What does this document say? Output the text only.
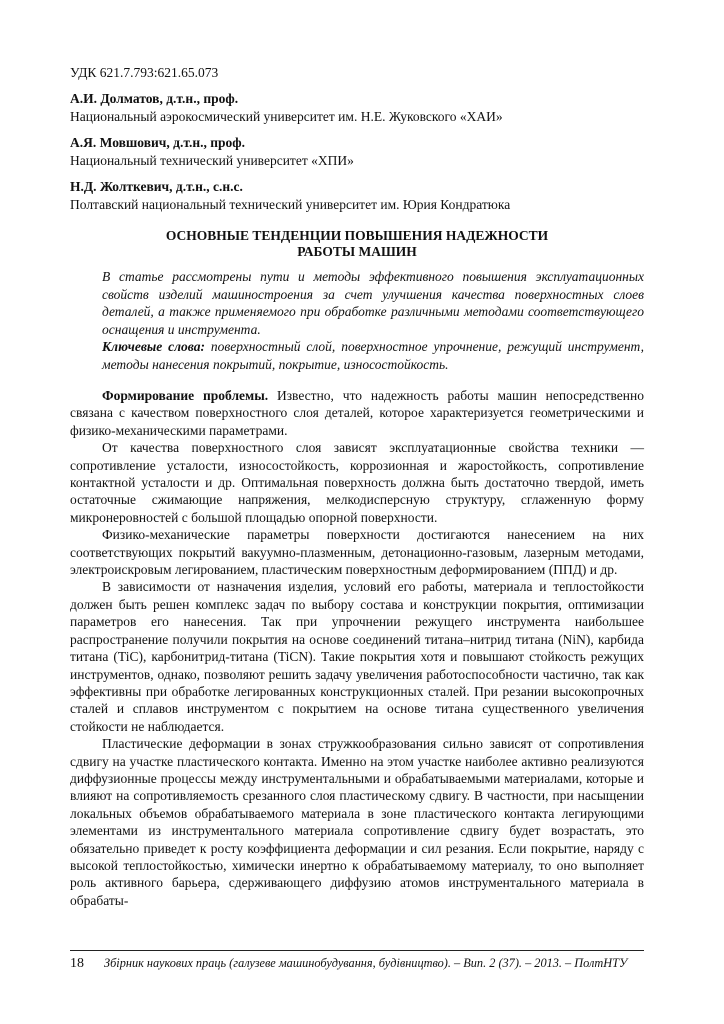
УДК 621.7.793:621.65.073

А.И. Долматов, д.т.н., проф.

Национальный аэрокосмический университет им. Н.Е. Жуковского «ХАИ»

А.Я. Мовшович, д.т.н., проф.

Национальный технический университет «ХПИ»

Н.Д. Жолткевич, д.т.н., с.н.с.

Полтавский национальный технический университет им. Юрия Кондратюка

ОСНОВНЫЕ ТЕНДЕНЦИИ ПОВЫШЕНИЯ НАДЕЖНОСТИ
РАБОТЫ МАШИН

В статье рассмотрены пути и методы эффективного повышения эксплуатационных свойств изделий машиностроения за счет улучшения качества поверхностных слоев деталей, а также применяемого при обработке различными методами соответствующего оснащения и инструмента.

Ключевые слова: поверхностный слой, поверхностное упрочнение, режущий инструмент, методы нанесения покрытий, покрытие, износостойкость.

Формирование проблемы. Известно, что надежность работы машин непосредственно связана с качеством поверхностного слоя деталей, которое характеризуется геометрическими и физико-механическими параметрами.

От качества поверхностного слоя зависят эксплуатационные свойства техники — сопротивление усталости, износостойкость, коррозионная и жаростойкость, сопротивление контактной усталости и др. Оптимальная поверхность должна быть достаточно твердой, иметь остаточные сжимающие напряжения, мелкодисперсную структуру, сглаженную форму микронеровностей с большой площадью опорной поверхности.

Физико-механические параметры поверхности достигаются нанесением на них соответствующих покрытий вакуумно-плазменным, детонационно-газовым, лазерным методами, электроискровым легированием, пластическим поверхностным деформированием (ППД) и др.

В зависимости от назначения изделия, условий его работы, материала и теплостойкости должен быть решен комплекс задач по выбору состава и конструкции покрытия, оптимизации параметров его нанесения. Так при упрочнении режущего инструмента наибольшее распространение получили покрытия на основе соединений титана–нитрид титана (NiN), карбида титана (TiC), карбонитрид-титана (TiCN). Такие покрытия хотя и повышают стойкость режущих инструментов, однако, позволяют решить задачу увеличения работоспособности частично, так как эффективны при обработке легированных конструкционных сталей. При резании высокопрочных сталей и сплавов инструментом с покрытием на основе титана существенного увеличения стойкости не наблюдается.

Пластические деформации в зонах стружкообразования сильно зависят от сопротивления сдвигу на участке пластического контакта. Именно на этом участке наиболее активно реализуются диффузионные процессы между инструментальными и обрабатываемыми материалами, которые и влияют на сопротивляемость срезанного слоя пластическому сдвигу. В частности, при насыщении локальных объемов обрабатываемого материала в зоне пластического контакта легирующими элементами из инструментального материала сопротивление сдвигу будет возрастать, это обязательно приведет к росту коэффициента деформации и сил резания. Если покрытие, наряду с высокой теплостойкостью, химически инертно к обрабатываемому материалу, то оно выполняет роль активного барьера, сдерживающего диффузию атомов инструментального материала в обрабаты-

18 Збірник наукових праць (галузеве машинобудування, будівництво). – Вип. 2 (37). – 2013. – ПолтНТУ
